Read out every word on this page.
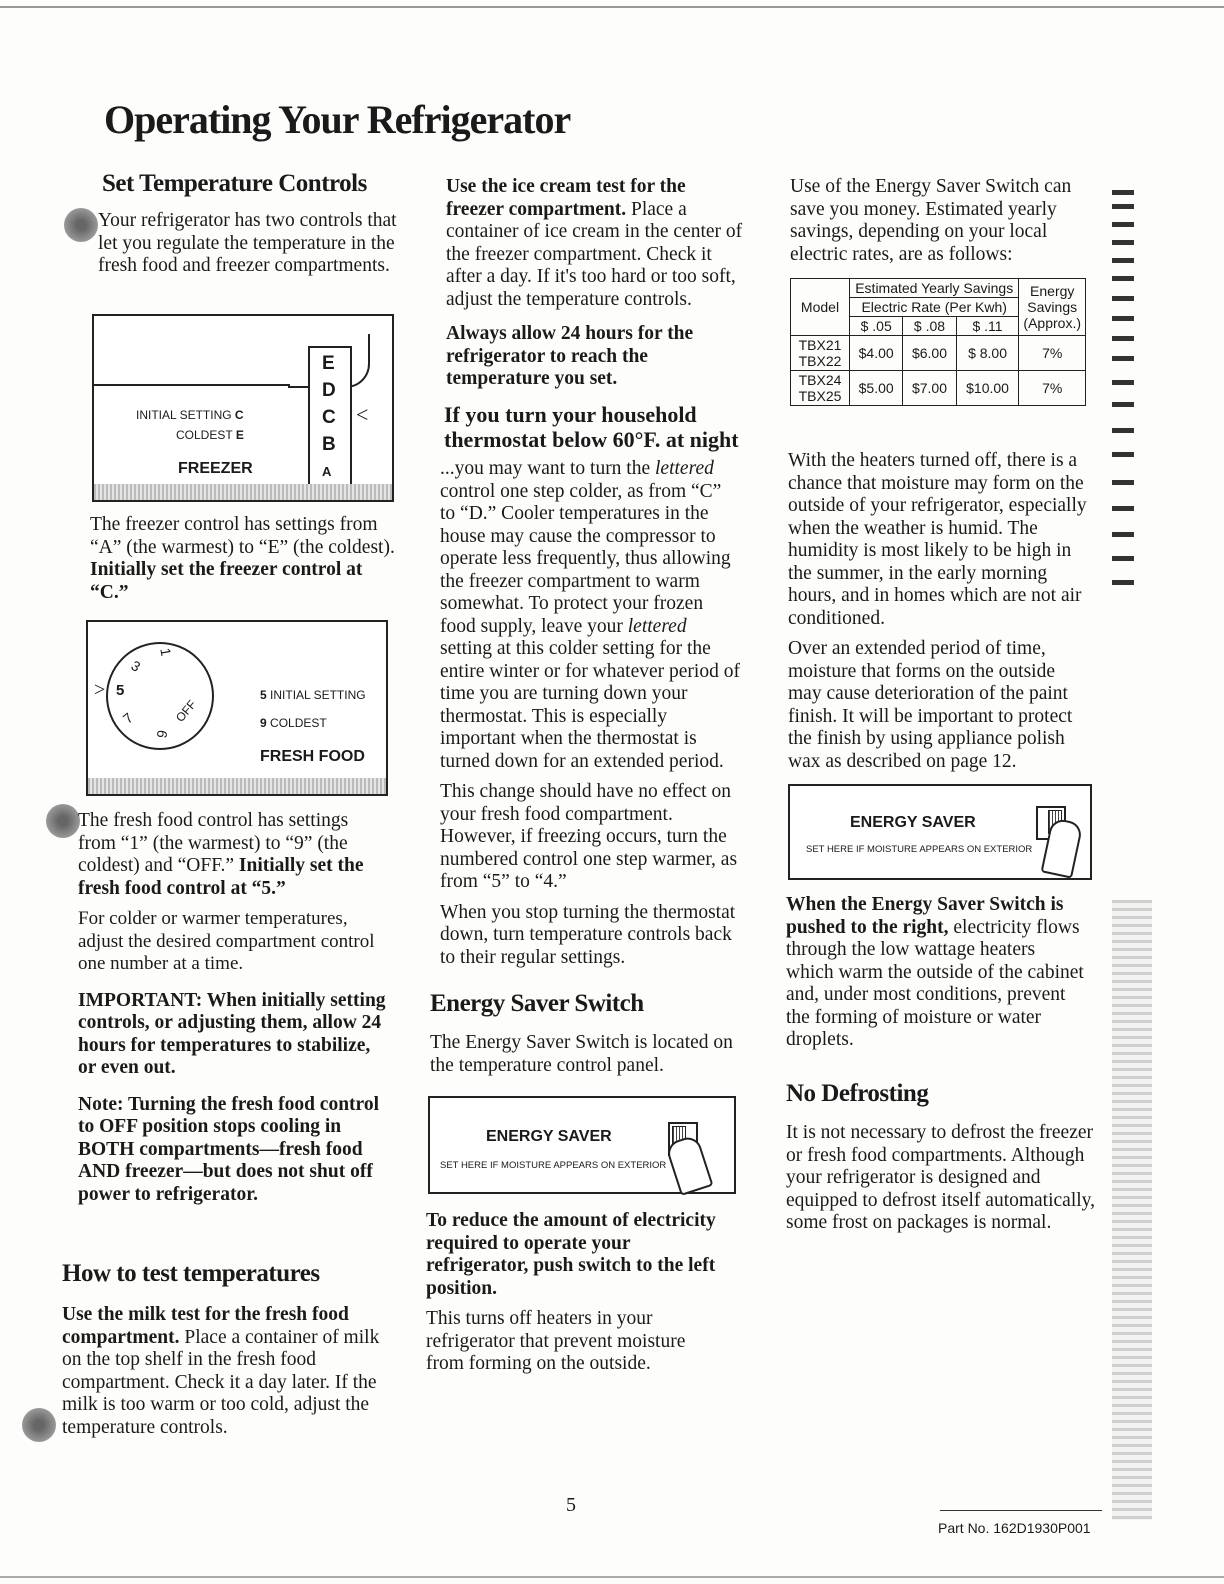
Operating Your Refrigerator
Set Temperature Controls

Your refrigerator has two controls that let you regulate the temperature in the fresh food and freezer compartments.

E
D
C
B
A
<
INITIAL SETTING C
COLDEST E
FREEZER

The freezer control has settings from “A” (the warmest) to “E” (the coldest). Initially set the freezer control at “C.”

1
3
5
7
9
OFF
>	5 INITIAL SETTING
9 COLDEST
FRESH FOOD

The fresh food control has settings from “1” (the warmest) to “9” (the coldest) and “OFF.” Initially set the fresh food control at “5.”

For colder or warmer temperatures, adjust the desired compartment control one number at a time.

IMPORTANT: When initially setting controls, or adjusting them, allow 24 hours for temperatures to stabilize, or even out.

Note: Turning the fresh food control to OFF position stops cooling in BOTH compartments—fresh food AND freezer—but does not shut off power to refrigerator.

How to test temperatures

Use the milk test for the fresh food compartment. Place a container of milk on the top shelf in the fresh food compartment. Check it a day later. If the milk is too warm or too cold, adjust the temperature controls.

Use the ice cream test for the freezer compartment. Place a container of ice cream in the center of the freezer compartment. Check it after a day. If it's too hard or too soft, adjust the temperature controls.

Always allow 24 hours for the refrigerator to reach the temperature you set.

If you turn your household thermostat below 60°F. at night

...you may want to turn the lettered control one step colder, as from “C” to “D.” Cooler temperatures in the house may cause the compressor to operate less frequently, thus allowing the freezer compartment to warm somewhat. To protect your frozen food supply, leave your lettered setting at this colder setting for the entire winter or for whatever period of time you are turning down your thermostat. This is especially important when the thermostat is turned down for an extended period.

This change should have no effect on your fresh food compartment. However, if freezing occurs, turn the numbered control one step warmer, as from “5” to “4.”

When you stop turning the thermostat down, turn temperature controls back to their regular settings.

Energy Saver Switch

The Energy Saver Switch is located on the temperature control panel.

ENERGY SAVER
SET HERE IF MOISTURE APPEARS ON EXTERIOR

To reduce the amount of electricity required to operate your refrigerator, push switch to the left position.

This turns off heaters in your refrigerator that prevent moisture from forming on the outside.

Use of the Energy Saver Switch can save you money. Estimated yearly savings, depending on your local electric rates, are as follows:

Model	Estimated Yearly Savings			Energy Savings (Approx.)
	Electric Rate (Per Kwh)			
	$ .05	$ .08	$ .11	

TBX21
TBX22	$4.00	$6.00	$ 8.00	7%

TBX24
TBX25	$5.00	$7.00	$10.00	7%

With the heaters turned off, there is a chance that moisture may form on the outside of your refrigerator, especially when the weather is humid. The humidity is most likely to be high in the summer, in the early morning hours, and in homes which are not air conditioned.

Over an extended period of time, moisture that forms on the outside may cause deterioration of the paint finish. It will be important to protect the finish by using appliance polish wax as described on page 12.

ENERGY SAVER
SET HERE IF MOISTURE APPEARS ON EXTERIOR

When the Energy Saver Switch is pushed to the right, electricity flows through the low wattage heaters which warm the outside of the cabinet and, under most conditions, prevent the forming of moisture or water droplets.

No Defrosting

It is not necessary to defrost the freezer or fresh food compartments. Although your refrigerator is designed and equipped to defrost itself automatically, some frost on packages is normal.

5
Part No. 162D1930P001
